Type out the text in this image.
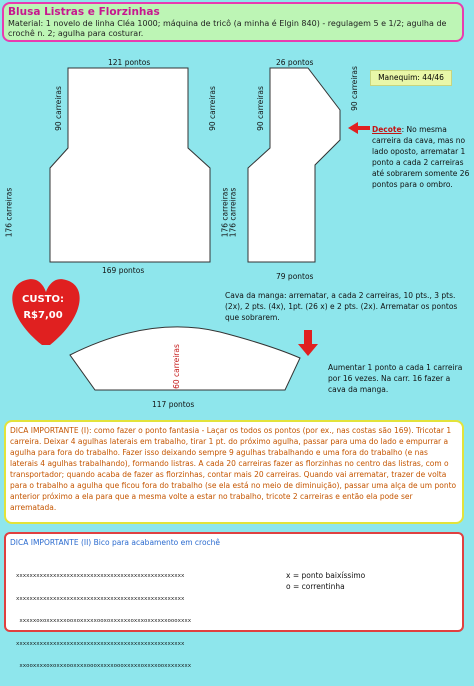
Blusa Listras e Florzinhas
Material: 1 novelo de linha Cléa 1000; máquina de tricô (a minha é Elgin 840) - regulagem 5 e 1/2; agulha de crochê n. 2; agulha para costurar.
121 pontos
169 pontos
90 carreiras	90 carreiras
176 carreiras	176 carreiras
26 pontos
79 pontos
90 carreiras	90 carreiras
176 carreiras
60 carreiras
117 pontos
Manequim: 44/46
Decote: No mesma carreira da cava, mas no lado oposto, arrematar 1 ponto a cada 2 carreiras até sobrarem somente 26 pontos para o ombro.
Cava da manga: arrematar, a cada 2 carreiras, 10 pts., 3 pts. (2x), 2 pts. (4x), 1pt. (26 x) e 2 pts. (2x). Arrematar os pontos que sobrarem.
Aumentar 1 ponto a cada 1 carreira por 16 vezes. Na carr. 16 fazer a cava da manga.
CUSTO:
R$7,00
DICA IMPORTANTE (I): como fazer o ponto fantasia - Laçar os todos os pontos (por ex., nas costas são 169). Tricotar 1 carreira. Deixar 4 agulhas laterais em trabalho, tirar 1 pt. do próximo agulha, passar para uma do lado e empurrar a agulha para fora do trabalho. Fazer isso deixando sempre 9 agulhas trabalhando e uma fora do trabalho (e nas laterais 4 agulhas trabalhando), formando listras. A cada 20 carreiras fazer as florzinhas no centro das listras, com o transportador; quando acaba de fazer as florzinhas, contar mais 20 carreiras. Quando vai arrematar, trazer de volta para o trabalho a agulha que ficou fora do trabalho (se ela está no meio de diminuição), passar uma alça de um ponto anterior próximo a ela para que a mesma volte a estar no trabalho, tricote 2 carreiras e então ela pode ser arrematada.
DICA IMPORTANTE (II) Bico para acabamento em crochê

xxxxxxxxxxxxxxxxxxxxxxxxxxxxxxxxxxxxxxxxxxxxxxxxxx

xxxxxxxxxxxxxxxxxxxxxxxxxxxxxxxxxxxxxxxxxxxxxxxxxx

xxxxxoxoxxxxxxooxoxxxxxooxoxxxxxxoxxxoxxxxxxoooxxxx

xxxxxxxxxxxxxxxxxxxxxxxxxxxxxxxxxxxxxxxxxxxxxxxxxx

xxooxxxxoxoxxxooxxxxoooxxxxxoooxxxxxoxxxxooxxxxxxxx

x = ponto baixíssimo
o = correntinha
